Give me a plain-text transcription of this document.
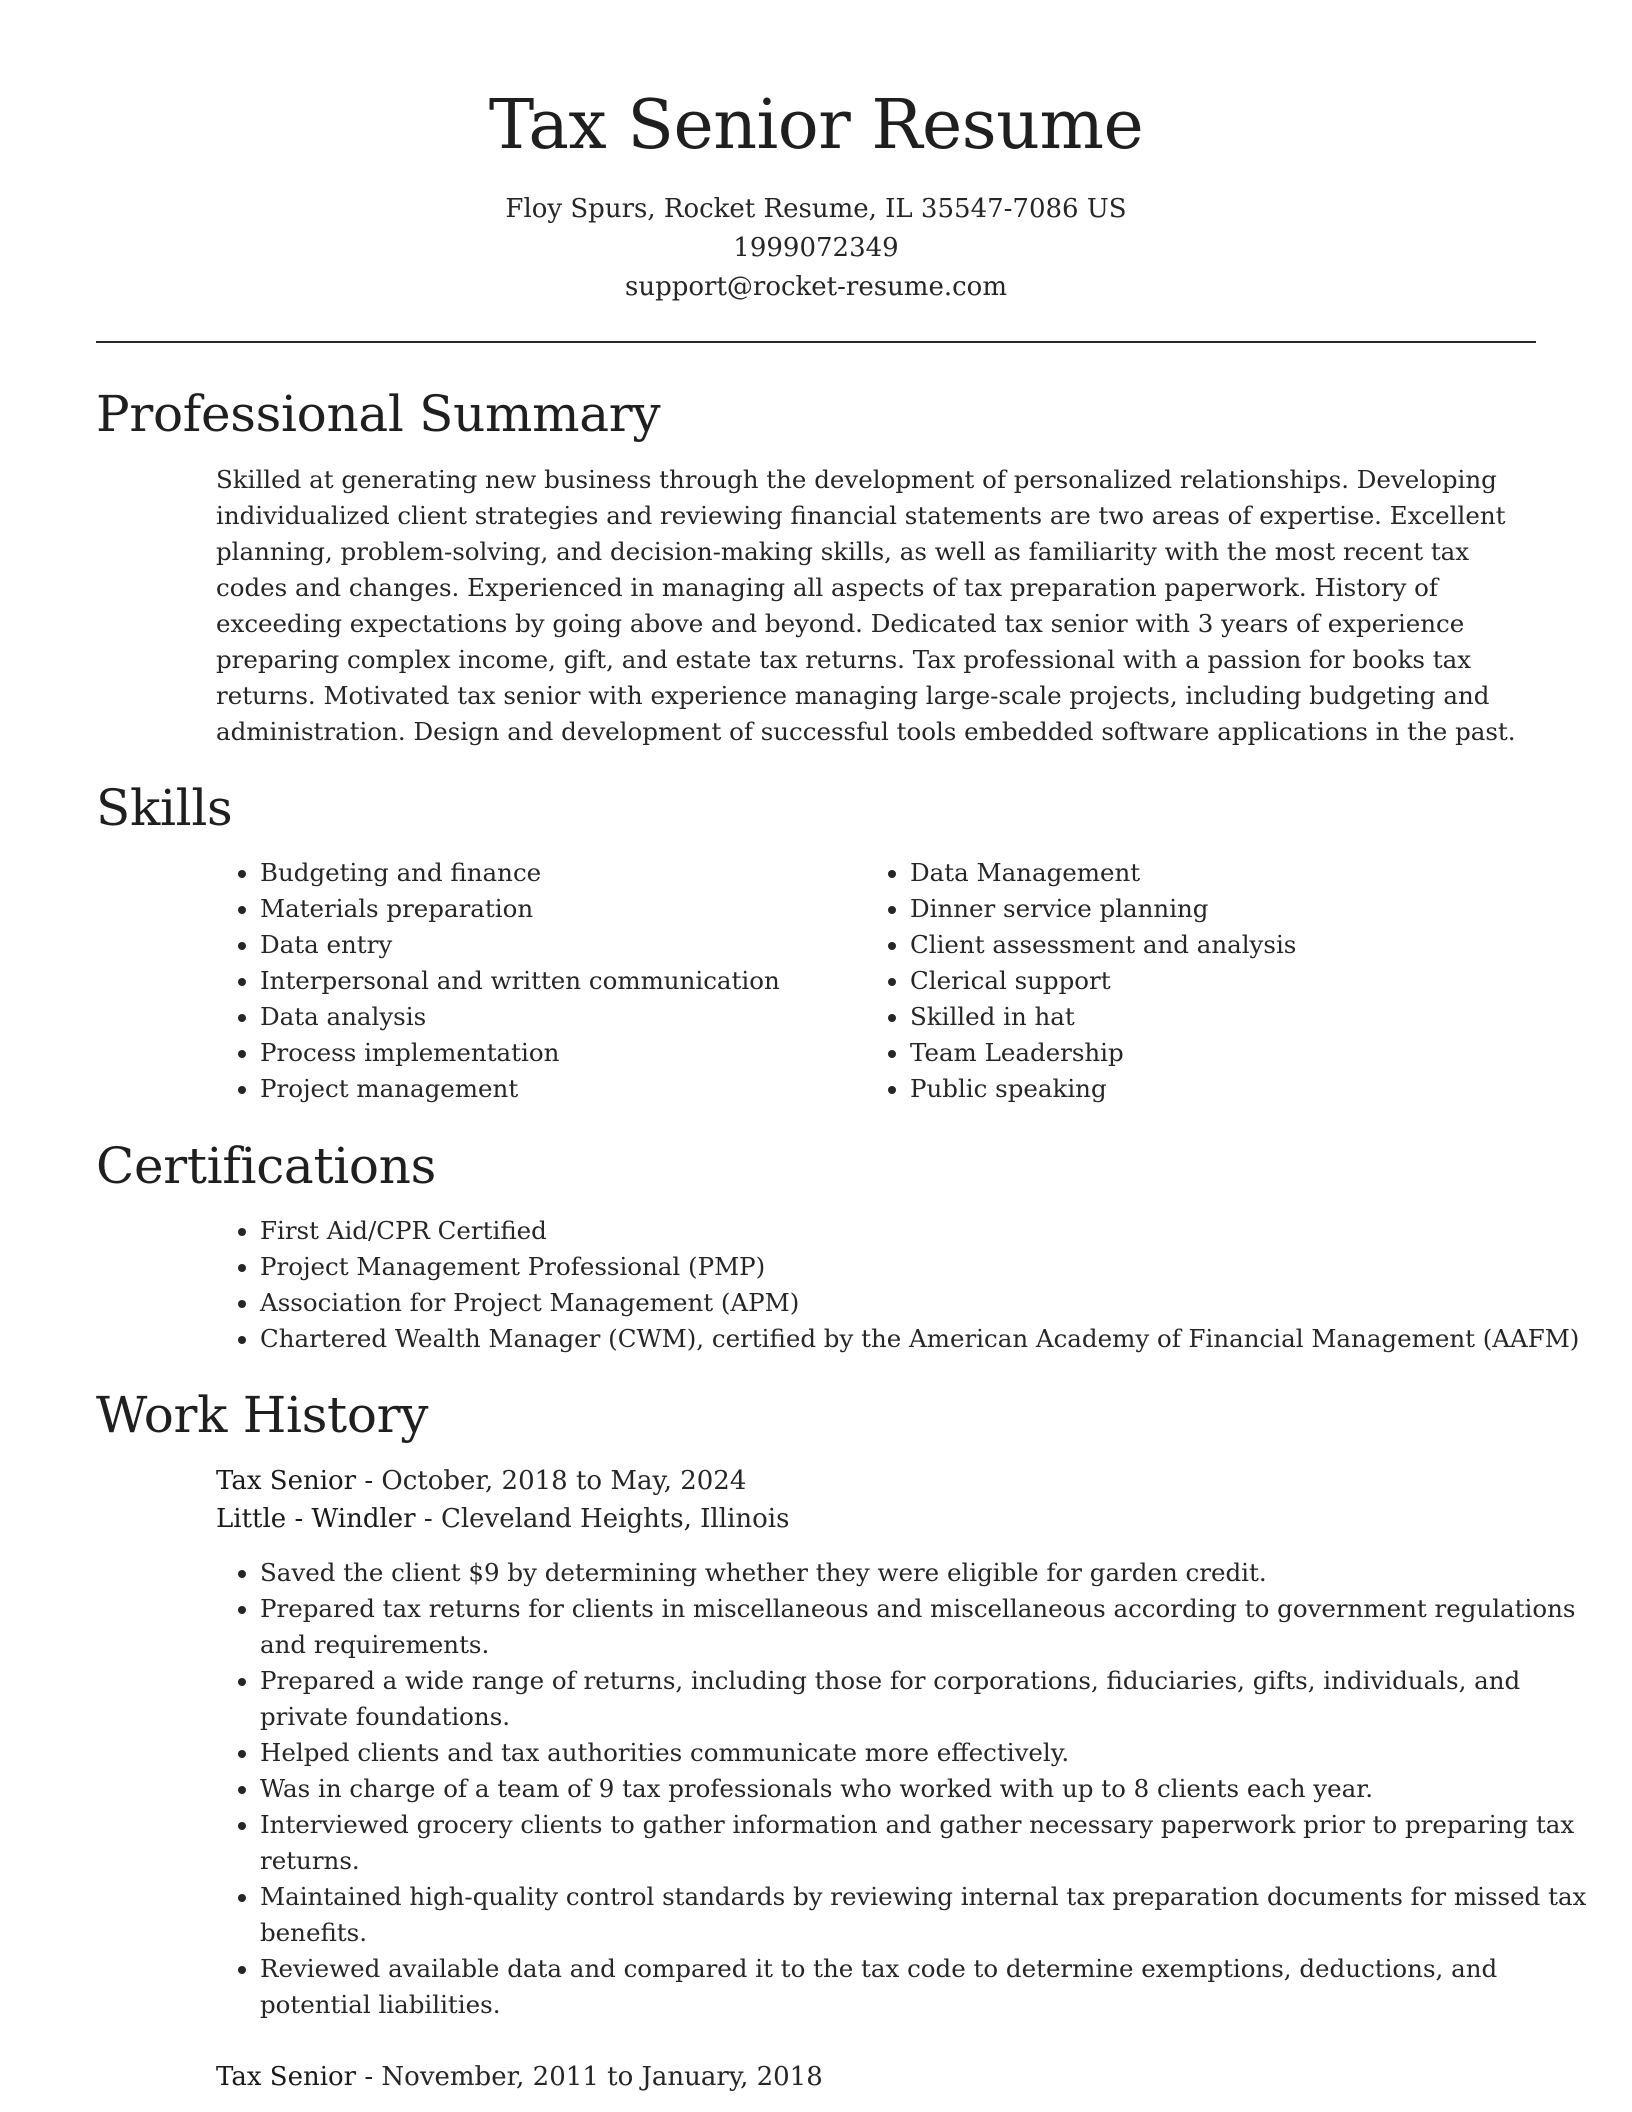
Tax Senior Resume
Floy Spurs, Rocket Resume, IL 35547-7086 US
1999072349
support@rocket-resume.com
Professional Summary
Skilled at generating new business through the development of personalized relationships. Developing individualized client strategies and reviewing financial statements are two areas of expertise. Excellent planning, problem-solving, and decision-making skills, as well as familiarity with the most recent tax codes and changes. Experienced in managing all aspects of tax preparation paperwork. History of exceeding expectations by going above and beyond. Dedicated tax senior with 3 years of experience preparing complex income, gift, and estate tax returns. Tax professional with a passion for books tax returns. Motivated tax senior with experience managing large-scale projects, including budgeting and administration. Design and development of successful tools embedded software applications in the past.
Skills
• Budgeting and finance
• Materials preparation
• Data entry
• Interpersonal and written communication
• Data analysis
• Process implementation
• Project management
• Data Management
• Dinner service planning
• Client assessment and analysis
• Clerical support
• Skilled in hat
• Team Leadership
• Public speaking
Certifications
• First Aid/CPR Certified
• Project Management Professional (PMP)
• Association for Project Management (APM)
• Chartered Wealth Manager (CWM), certified by the American Academy of Financial Management (AAFM)
Work History
Tax Senior - October, 2018 to May, 2024
Little - Windler - Cleveland Heights, Illinois
• Saved the client $9 by determining whether they were eligible for garden credit.
• Prepared tax returns for clients in miscellaneous and miscellaneous according to government regulations and requirements.
• Prepared a wide range of returns, including those for corporations, fiduciaries, gifts, individuals, and private foundations.
• Helped clients and tax authorities communicate more effectively.
• Was in charge of a team of 9 tax professionals who worked with up to 8 clients each year.
• Interviewed grocery clients to gather information and gather necessary paperwork prior to preparing tax returns.
• Maintained high-quality control standards by reviewing internal tax preparation documents for missed tax benefits.
• Reviewed available data and compared it to the tax code to determine exemptions, deductions, and potential liabilities.
Tax Senior - November, 2011 to January, 2018
